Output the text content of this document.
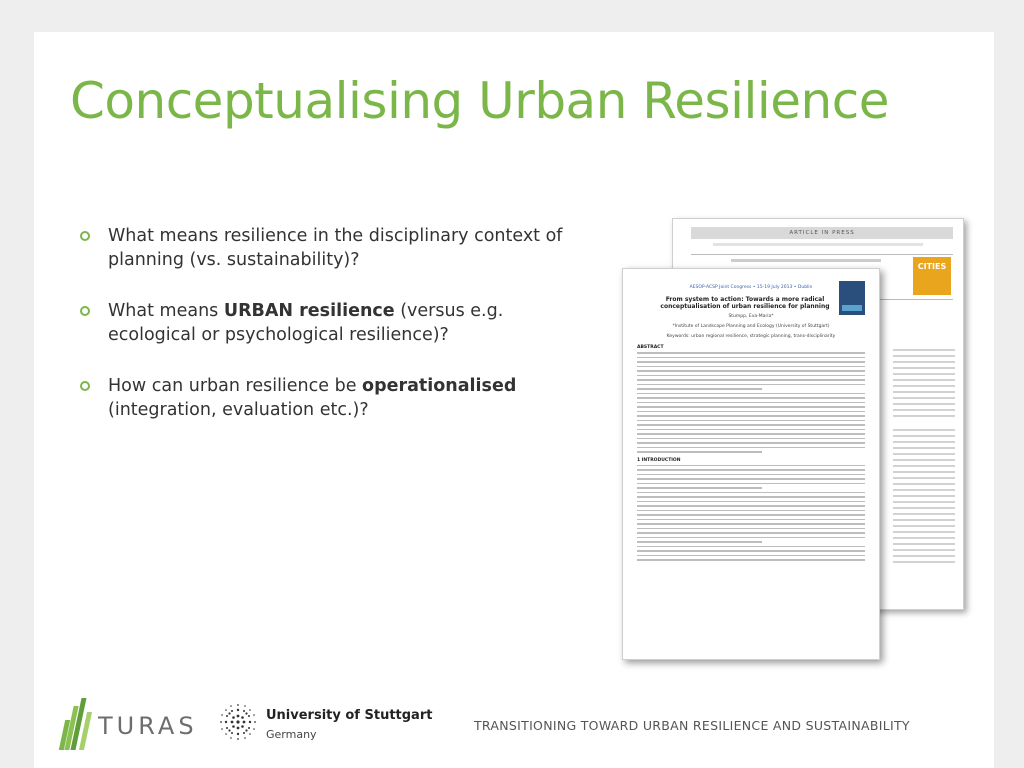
Conceptualising Urban Resilience
What means resilience in the disciplinary context of planning (vs. sustainability)?
What means URBAN resilience (versus e.g. ecological or psychological resilience)?
How can urban resilience be operationalised (integration, evaluation etc.)?
ARTICLE IN PRESS
CITIES
AESOP-ACSP Joint Congress • 15-19 July 2013 • Dublin
From system to action: Towards a more radical conceptualisation of urban resilience for planning
Stumpp, Eva-Maria*
*Institute of Landscape Planning and Ecology (University of Stuttgart)
Keywords: urban regional resilience, strategic planning, trans-disciplinarity
ABSTRACT
1 INTRODUCTION
TURAS	University of Stuttgart
Germany
TRANSITIONING TOWARD URBAN RESILIENCE AND SUSTAINABILITY
